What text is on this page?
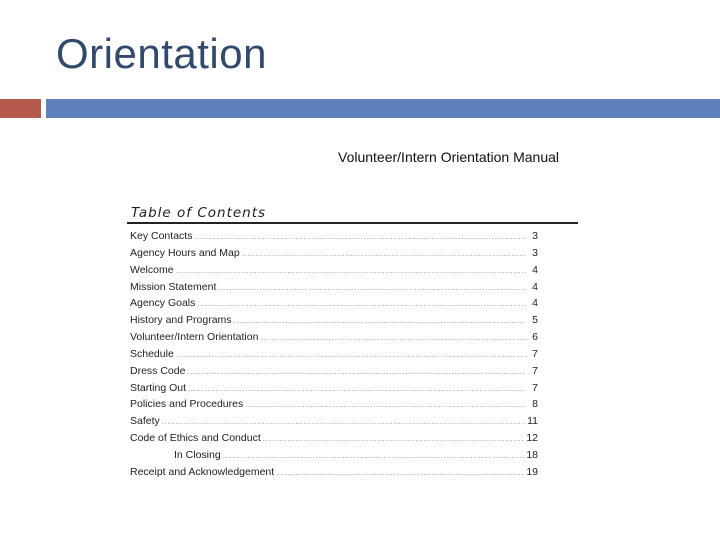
Orientation
Volunteer/Intern Orientation Manual
Table of Contents
Key Contacts .....	3
Agency Hours and Map .....	3
Welcome .....	4
Mission Statement .....	4
Agency Goals .....	4
History and Programs .....	5
Volunteer/Intern Orientation .....	6
Schedule .....	7
Dress Code .....	7
Starting Out .....	7
Policies and Procedures .....	8
Safety .....	11
Code of Ethics and Conduct .....	12
In Closing .....	18
Receipt and Acknowledgement .....	19
